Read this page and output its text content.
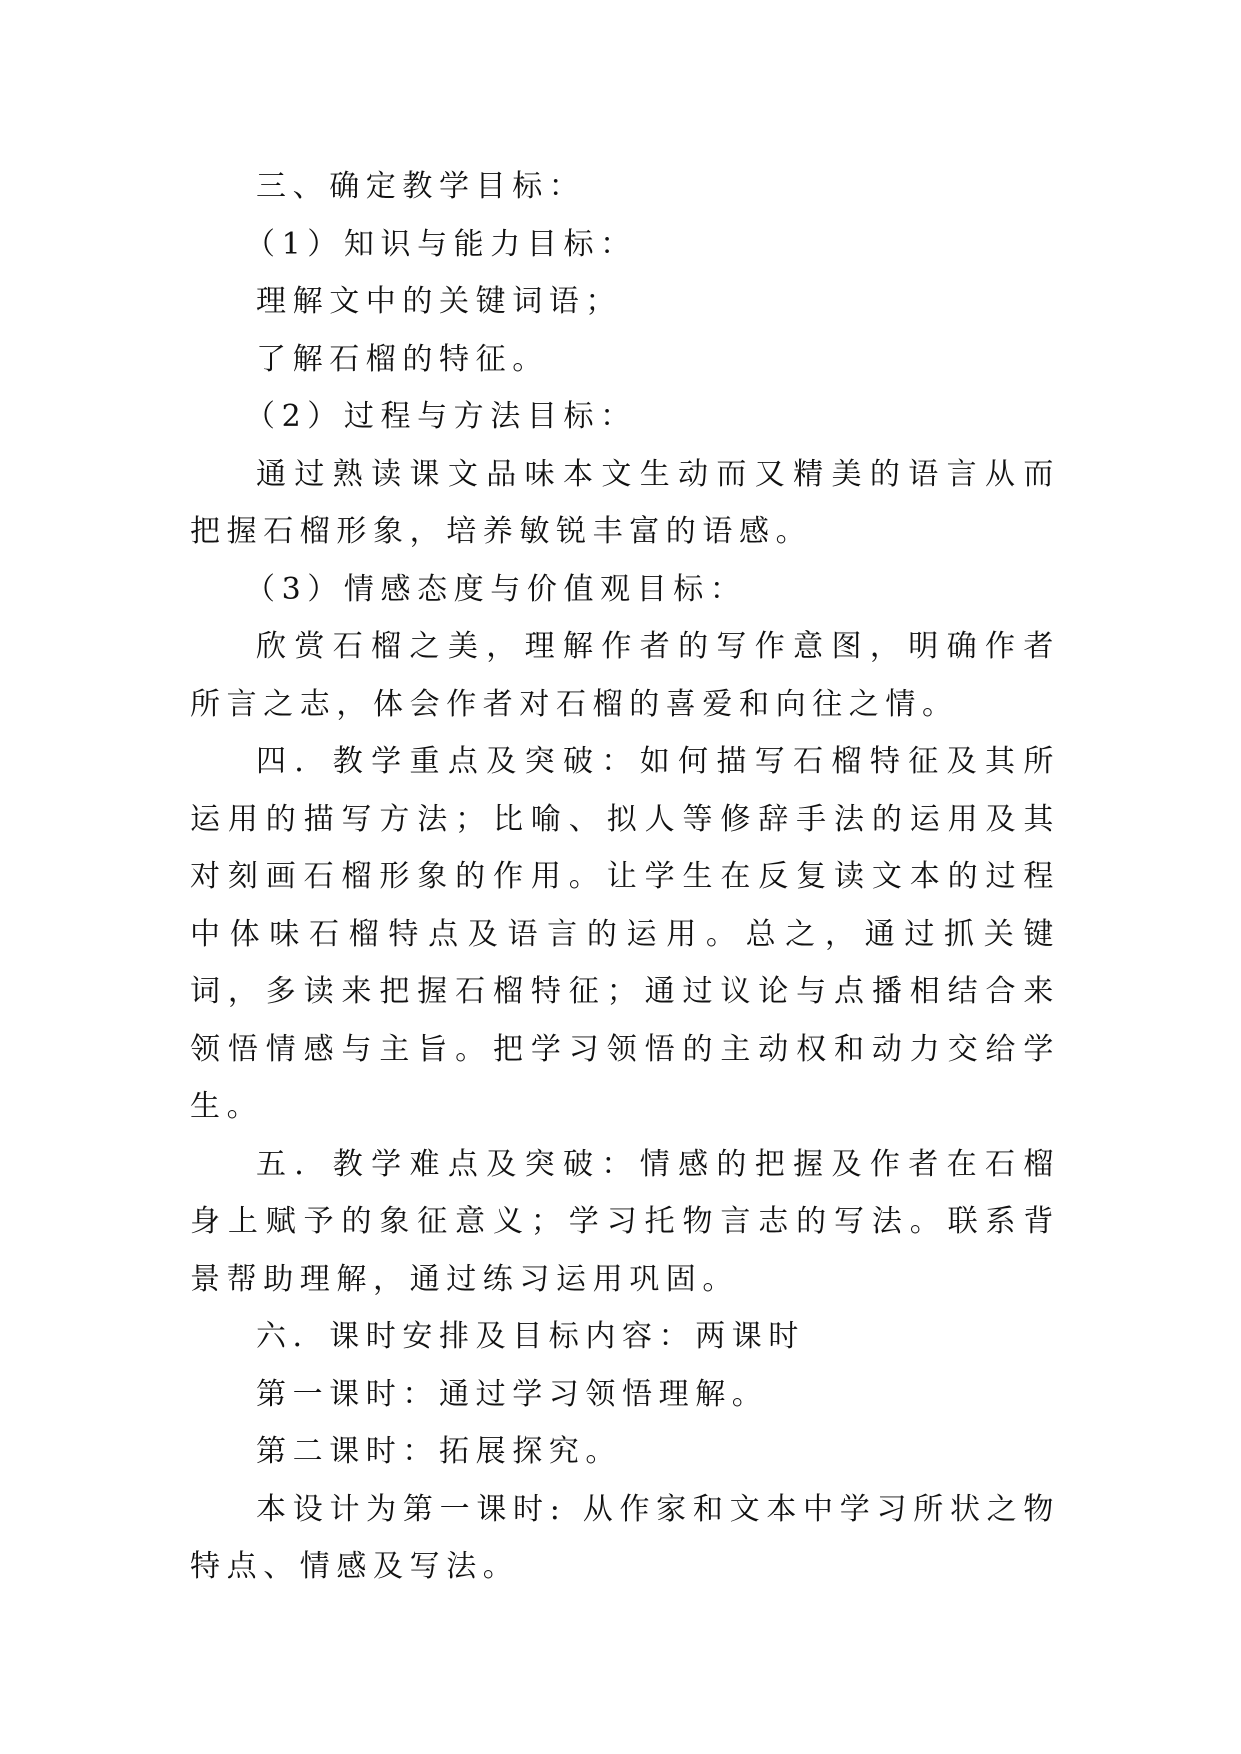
三、确定教学目标：

（1）知识与能力目标：

理解文中的关键词语；

了解石榴的特征。

（2）过程与方法目标：

通过熟读课文品味本文生动而又精美的语言从而把握石榴形象，培养敏锐丰富的语感。

（3）情感态度与价值观目标：

欣赏石榴之美，理解作者的写作意图，明确作者所言之志，体会作者对石榴的喜爱和向往之情。

四．教学重点及突破：如何描写石榴特征及其所运用的描写方法；比喻、拟人等修辞手法的运用及其对刻画石榴形象的作用。让学生在反复读文本的过程中体味石榴特点及语言的运用。总之，通过抓关键词，多读来把握石榴特征；通过议论与点播相结合来领悟情感与主旨。把学习领悟的主动权和动力交给学生。

五．教学难点及突破：情感的把握及作者在石榴身上赋予的象征意义；学习托物言志的写法。联系背景帮助理解，通过练习运用巩固。

六．课时安排及目标内容：两课时

第一课时：通过学习领悟理解。

第二课时：拓展探究。

本设计为第一课时: 从作家和文本中学习所状之物特点、情感及写法。
